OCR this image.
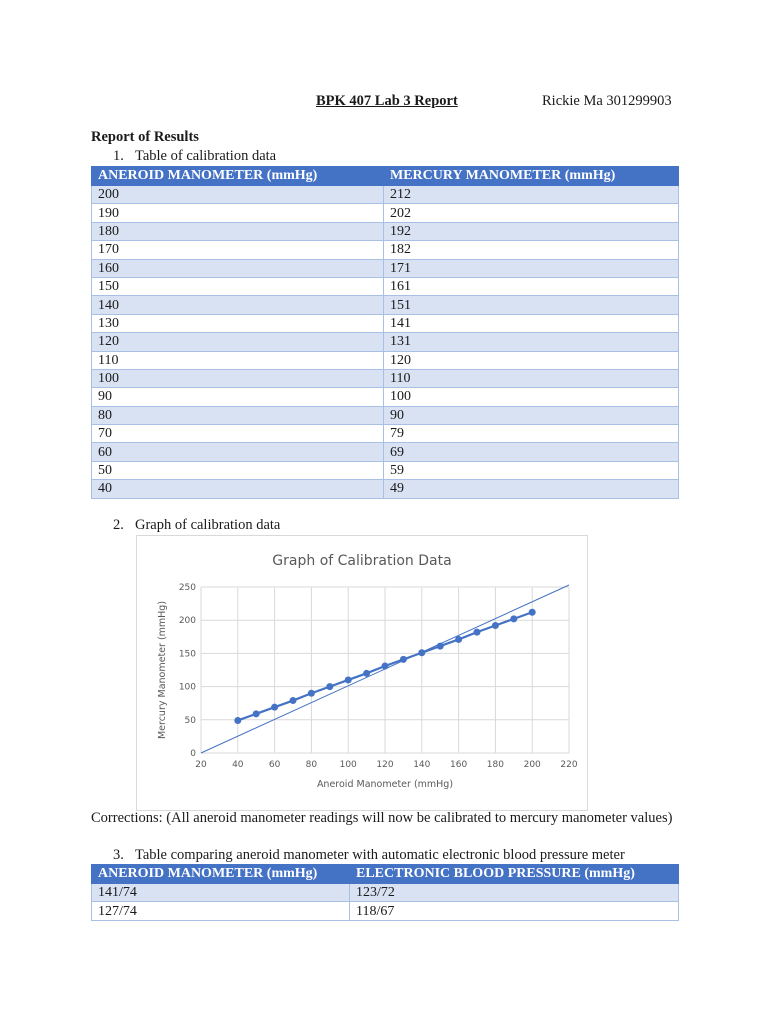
BPK 407 Lab 3 Report	Rickie Ma 301299903
Report of Results
1. Table of calibration data
ANEROID MANOMETER (mmHg)	MERCURY MANOMETER (mmHg)
200	212
190	202
180	192
170	182
160	171
150	161
140	151
130	141
120	131
110	120
100	110
90	100
80	90
70	79
60	69
50	59
40	49
2. Graph of calibration data
Graph of Calibration Data
20	40	60	80 100 120 140 160 180 200 220
0
50
100
150
200
250
Aneroid Manometer (mmHg)
Mercury Manometer (mmHg)
Corrections: (All aneroid manometer readings will now be calibrated to mercury manometer values)
3. Table comparing aneroid manometer with automatic electronic blood pressure meter
ANEROID MANOMETER (mmHg)	ELECTRONIC BLOOD PRESSURE (mmHg)
141/74	123/72
127/74	118/67
